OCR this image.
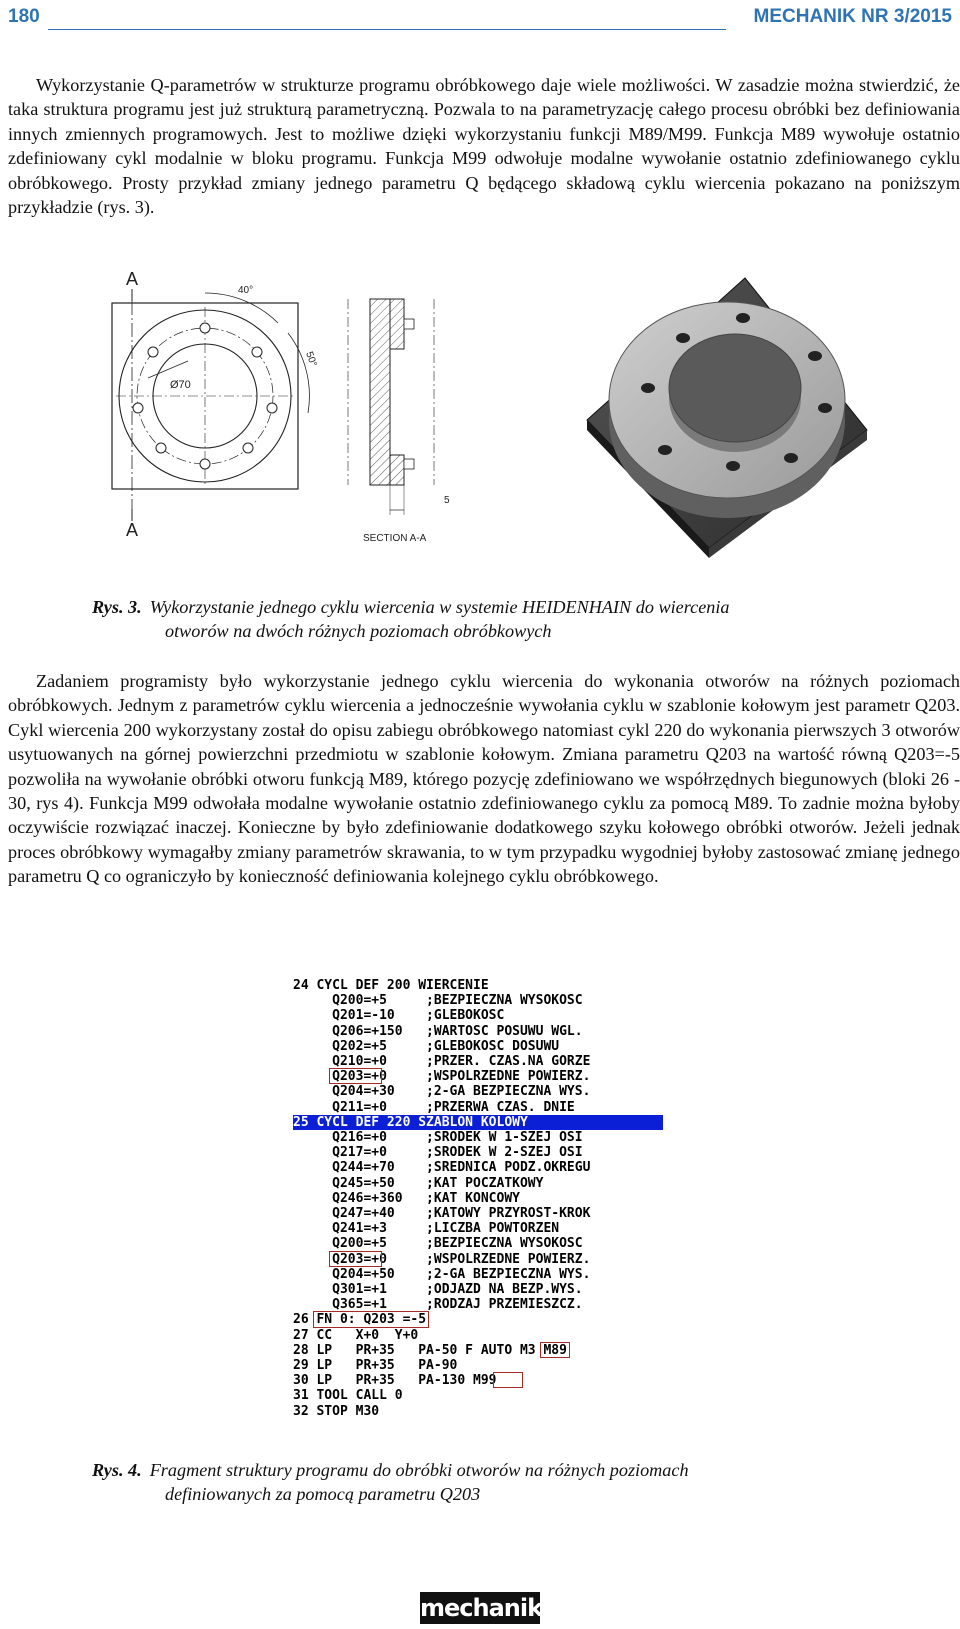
180	MECHANIK NR 3/2015

Wykorzystanie Q-parametrów w strukturze programu obróbkowego daje wiele możliwości. W zasadzie można stwierdzić, że taka struktura programu jest już strukturą parametryczną. Pozwala to na parametryzację całego procesu obróbki bez definiowania innych zmiennych programowych. Jest to możliwe dzięki wykorzystaniu funkcji M89/M99. Funkcja M89 wywołuje ostatnio zdefiniowany cykl modalnie w bloku programu. Funkcja M99 odwołuje modalne wywołanie ostatnio zdefiniowanego cyklu obróbkowego. Prosty przykład zmiany jednego parametru Q będącego składową cyklu wiercenia pokazano na poniższym przykładzie (rys. 3).

A
A
40°
50°
Ø70
5
SECTION A-A
Rys. 3. Wykorzystanie jednego cyklu wiercenia w systemie HEIDENHAIN do wiercenia
otworów na dwóch różnych poziomach obróbkowych

Zadaniem programisty było wykorzystanie jednego cyklu wiercenia do wykonania otworów na różnych poziomach obróbkowych. Jednym z parametrów cyklu wiercenia a jednocześnie wywołania cyklu w szablonie kołowym jest parametr Q203. Cykl wiercenia 200 wykorzystany został do opisu zabiegu obróbkowego natomiast cykl 220 do wykonania pierwszych 3 otworów usytuowanych na górnej powierzchni przedmiotu w szablonie kołowym. Zmiana parametru Q203 na wartość równą Q203=-5 pozwoliła na wywołanie obróbki otworu funkcją M89, którego pozycję zdefiniowano we współrzędnych biegunowych (bloki 26 - 30, rys 4). Funkcja M99 odwołała modalne wywołanie ostatnio zdefiniowanego cyklu za pomocą M89. To zadnie można byłoby oczywiście rozwiązać inaczej. Konieczne by było zdefiniowanie dodatkowego szyku kołowego obróbki otworów. Jeżeli jednak proces obróbkowy wymagałby zmiany parametrów skrawania, to w tym przypadku wygodniej byłoby zastosować zmianę jednego parametru Q co ograniczyło by konieczność definiowania kolejnego cyklu obróbkowego.

24 CYCL DEF 200 WIERCENIE
Q200=+5     ;BEZPIECZNA WYSOKOSC
Q201=-10    ;GLEBOKOSC
Q206=+150   ;WARTOSC POSUWU WGL.
Q202=+5     ;GLEBOKOSC DOSUWU
Q210=+0     ;PRZER. CZAS.NA GORZE
Q203=+0     ;WSPOLRZEDNE POWIERZ.
Q204=+30    ;2-GA BEZPIECZNA WYS.
Q211=+0     ;PRZERWA CZAS. DNIE
25 CYCL DEF 220 SZABLON KOLOWY
Q216=+0     ;SRODEK W 1-SZEJ OSI
Q217=+0     ;SRODEK W 2-SZEJ OSI
Q244=+70    ;SREDNICA PODZ.OKREGU
Q245=+50    ;KAT POCZATKOWY
Q246=+360   ;KAT KONCOWY
Q247=+40    ;KATOWY PRZYROST-KROK
Q241=+3     ;LICZBA POWTORZEN
Q200=+5     ;BEZPIECZNA WYSOKOSC
Q203=+0     ;WSPOLRZEDNE POWIERZ.
Q204=+50    ;2-GA BEZPIECZNA WYS.
Q301=+1     ;ODJAZD NA BEZP.WYS.
Q365=+1     ;RODZAJ PRZEMIESZCZ.
26 FN 0: Q203 =-5
27 CC   X+0  Y+0
28 LP   PR+35   PA-50 F AUTO M3 M89
29 LP   PR+35   PA-90
30 LP   PR+35   PA-130 M99
31 TOOL CALL 0
32 STOP M30
Rys. 4. Fragment struktury programu do obróbki otworów na różnych poziomach
definiowanych za pomocą parametru Q203
mechanik
